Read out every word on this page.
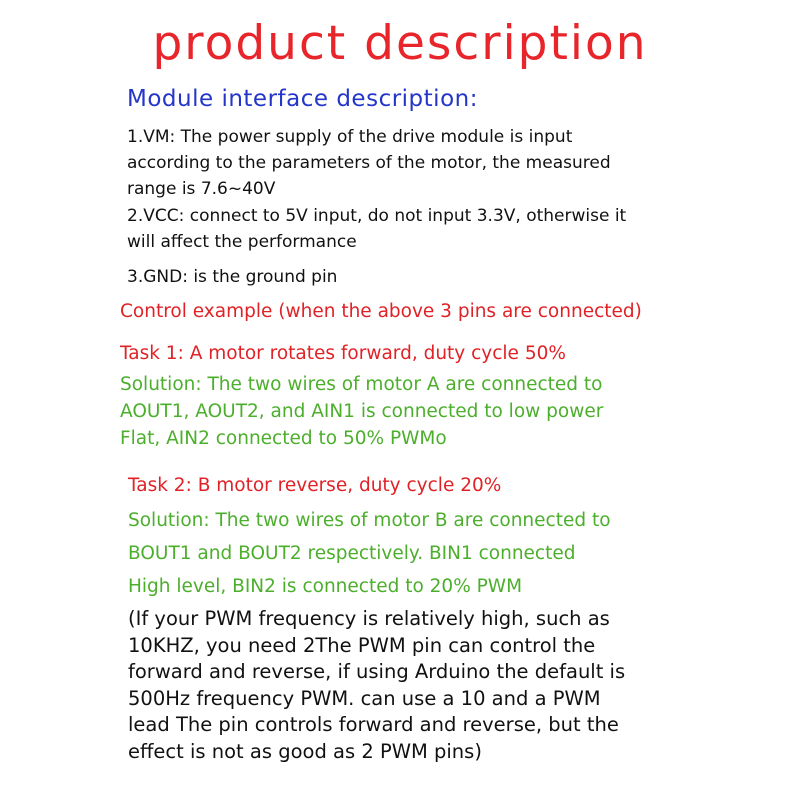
product description
Module interface description:
1.VM: The power supply of the drive module is input
according to the parameters of the motor, the measured
range is 7.6~40V
2.VCC: connect to 5V input, do not input 3.3V, otherwise it
will affect the performance
3.GND: is the ground pin
Control example (when the above 3 pins are connected)
Task 1: A motor rotates forward, duty cycle 50%
Solution: The two wires of motor A are connected to
AOUT1, AOUT2, and AIN1 is connected to low power
Flat, AIN2 connected to 50% PWMo
Task 2: B motor reverse, duty cycle 20%
Solution: The two wires of motor B are connected to
BOUT1 and BOUT2 respectively. BIN1 connected
High level, BIN2 is connected to 20% PWM
(If your PWM frequency is relatively high, such as
10KHZ, you need 2The PWM pin can control the
forward and reverse, if using Arduino the default is
500Hz frequency PWM. can use a 10 and a PWM
lead The pin controls forward and reverse, but the
effect is not as good as 2 PWM pins)
